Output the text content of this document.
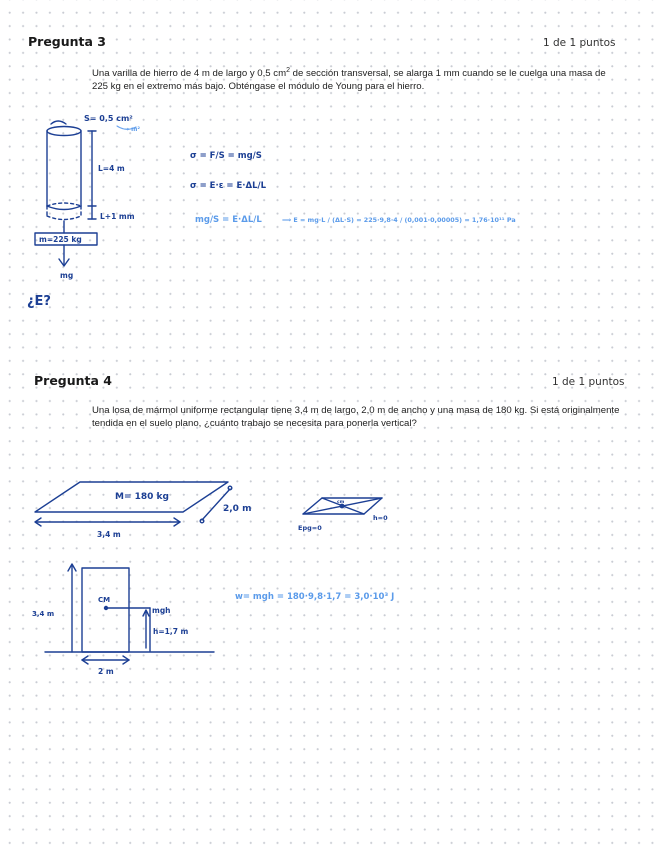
Pregunta 3	1 de 1 puntos
Una varilla de hierro de 4 m de largo y 0,5 $cm^2$ de sección transversal, se alarga 1 mm cuando se le cuelga una masa de 225 kg en el extremo más bajo. Obténgase el módulo de Young para el hierro.
Pregunta 4	1 de 1 puntos
Una losa de mármol uniforme rectangular tiene 3,4 m de largo, 2,0 m de ancho y una masa de 180 kg. Si está originalmente tendida en el suelo plano, ¿cuánto trabajo se necesita para ponerla vertical?
S= 0,5 cm²
→ m²
L=4 m
L+1 mm
m=225 kg
mg
¿E?
σ = F/S = mg/S
σ = E·ε = E·ΔL/L
mg/S = E·ΔL/L	⟹ E = mg·L / (ΔL·S) = 225·9,8·4 / (0,001·0,00005) = 1,76·10¹¹ Pa
M= 180 kg
2,0 m
3,4 m
cm
Epg=0
h=0
CM
3,4 m	mgh
h=1,7 m
2 m
w= mgh = 180·9,8·1,7 = 3,0·10³ J
